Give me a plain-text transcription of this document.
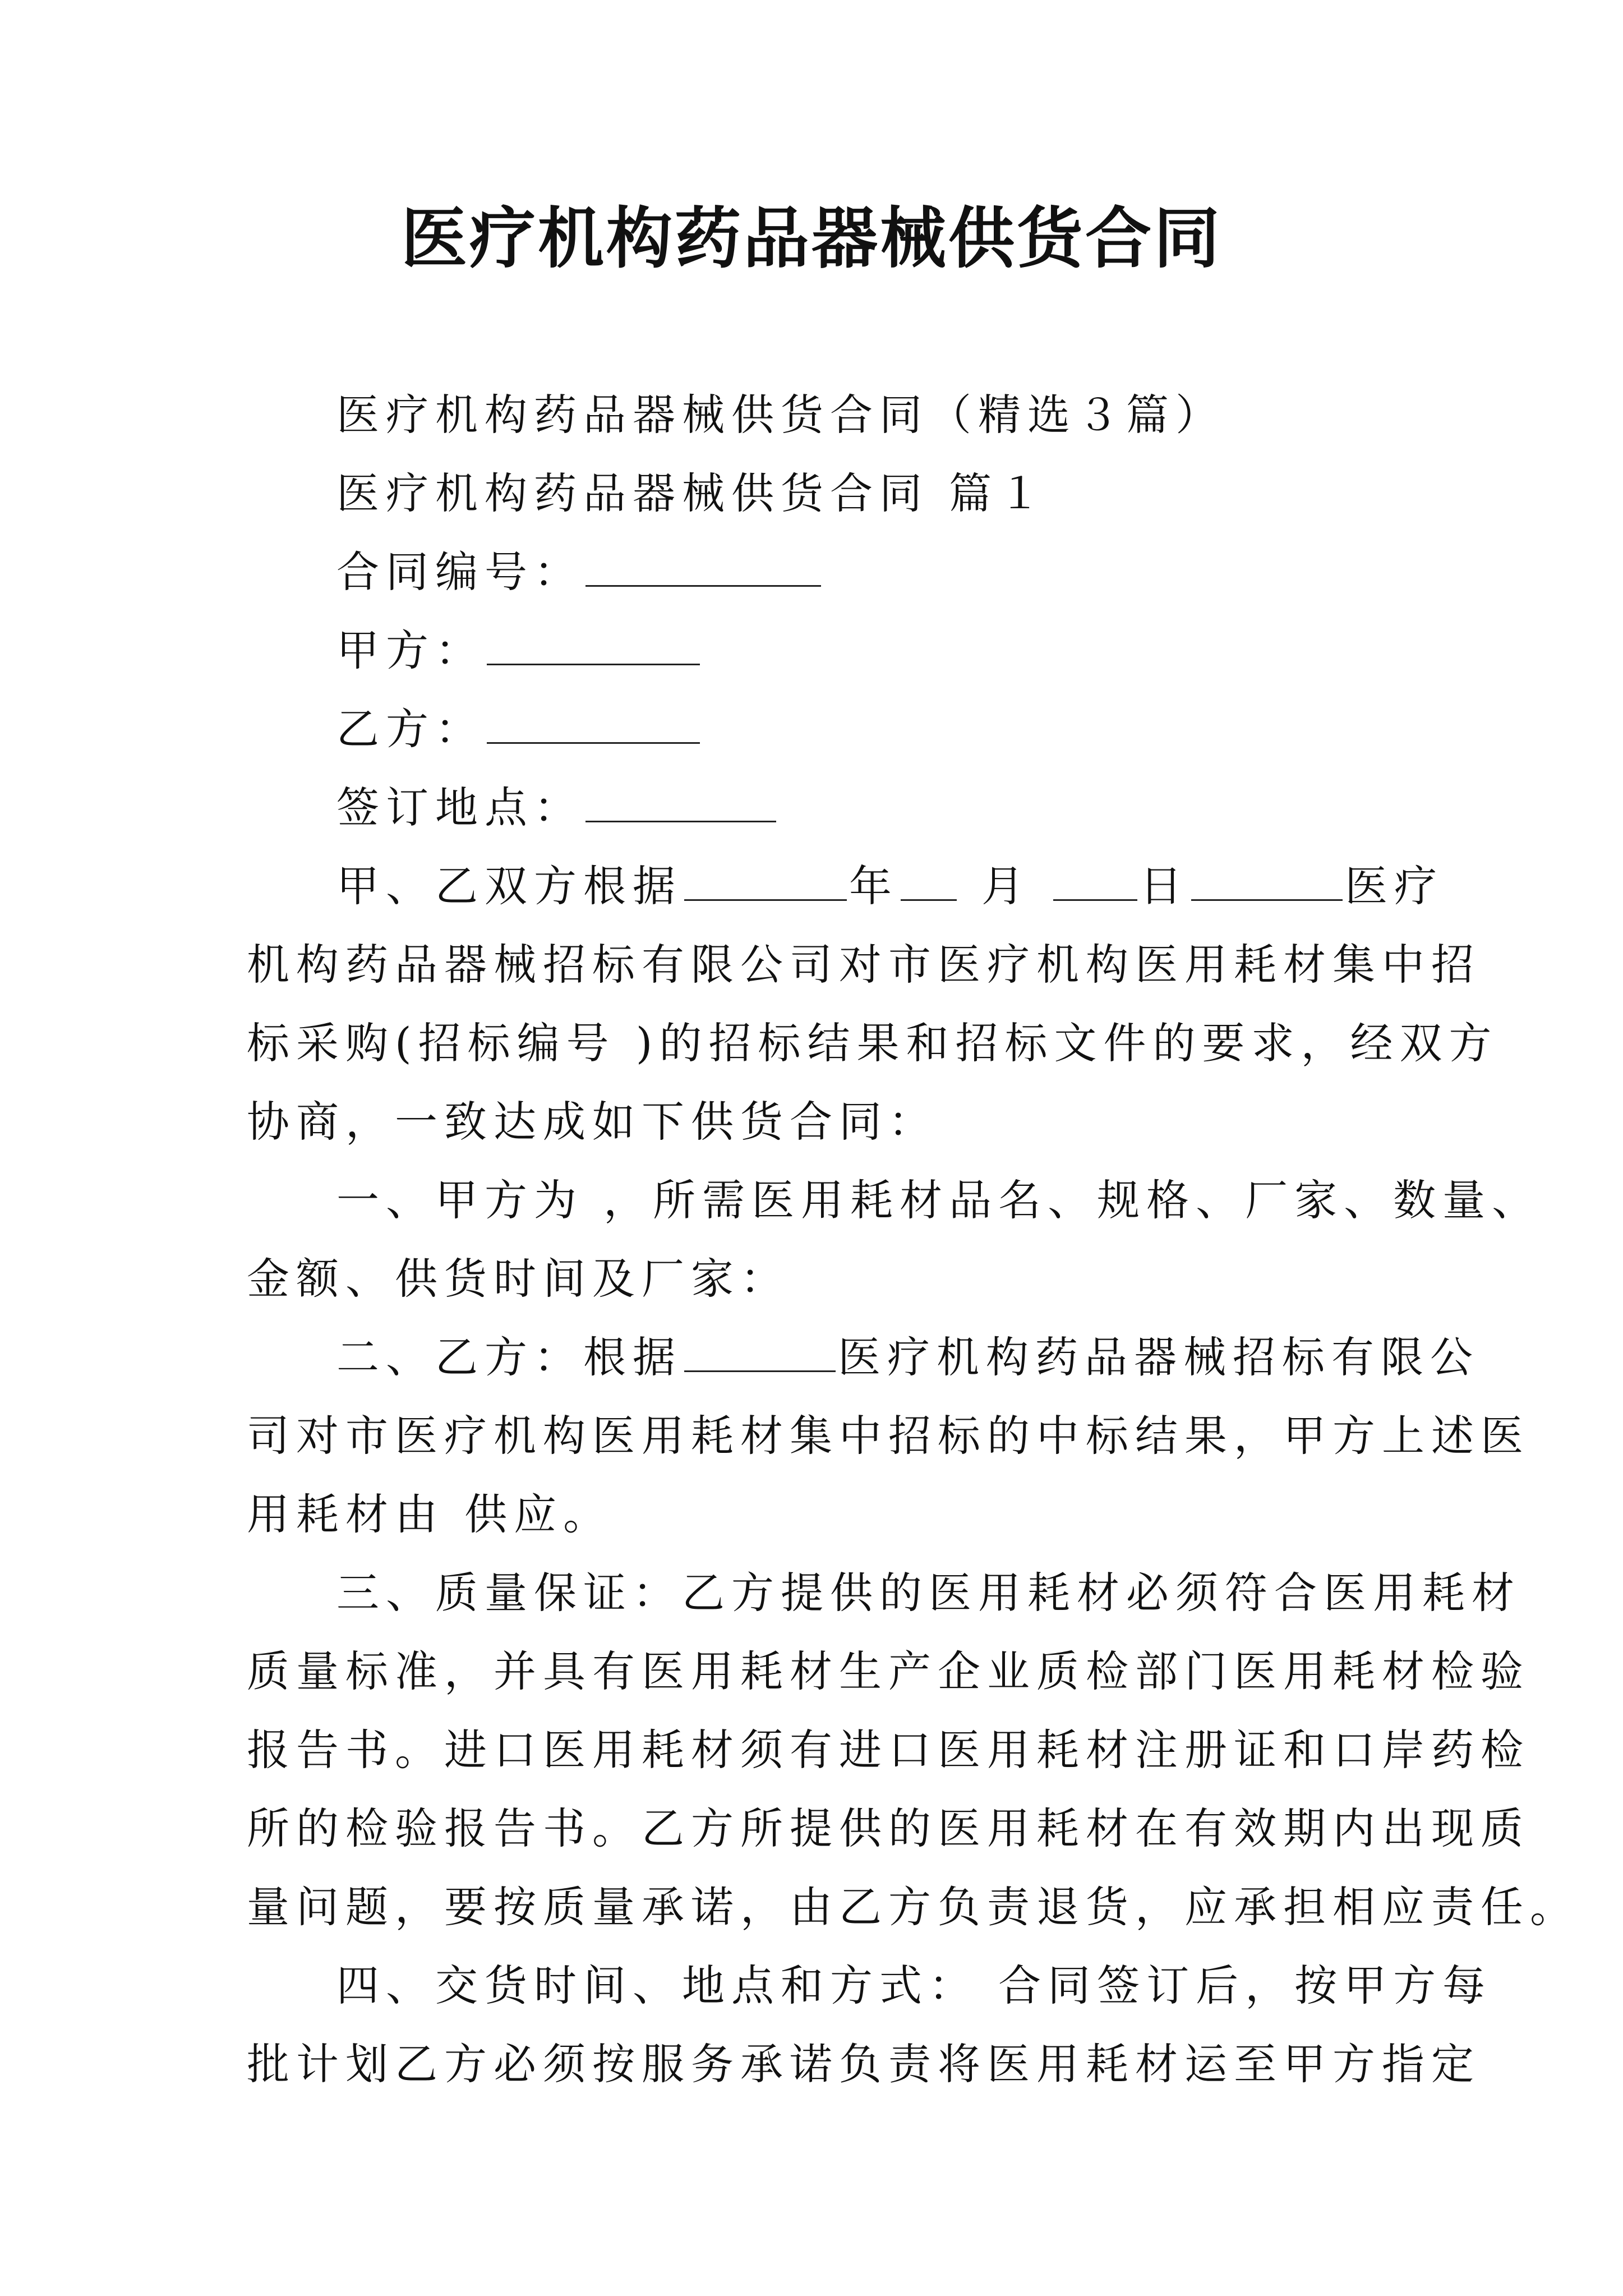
医疗机构药品器械供货合同
医疗机构药品器械供货合同（精选３篇）
医疗机构药品器械供货合同 篇１
合同编号：
甲方：
乙方：
签订地点：
甲、乙双方根据	年 月	日	医疗
机构药品器械招标有限公司对市医疗机构医用耗材集中招
标采购(招标编号 )的招标结果和招标文件的要求，经双方
协商，一致达成如下供货合同：
一、甲方为 ，所需医用耗材品名、规格、厂家、数量、
金额、供货时间及厂家：
二、乙方：根据	医疗机构药品器械招标有限公
司对市医疗机构医用耗材集中招标的中标结果，甲方上述医
用耗材由 供应。
三、质量保证：乙方提供的医用耗材必须符合医用耗材
质量标准，并具有医用耗材生产企业质检部门医用耗材检验
报告书。进口医用耗材须有进口医用耗材注册证和口岸药检
所的检验报告书。乙方所提供的医用耗材在有效期内出现质
量问题，要按质量承诺，由乙方负责退货，应承担相应责任。
四、交货时间、地点和方式： 合同签订后，按甲方每
批计划乙方必须按服务承诺负责将医用耗材运至甲方指定
